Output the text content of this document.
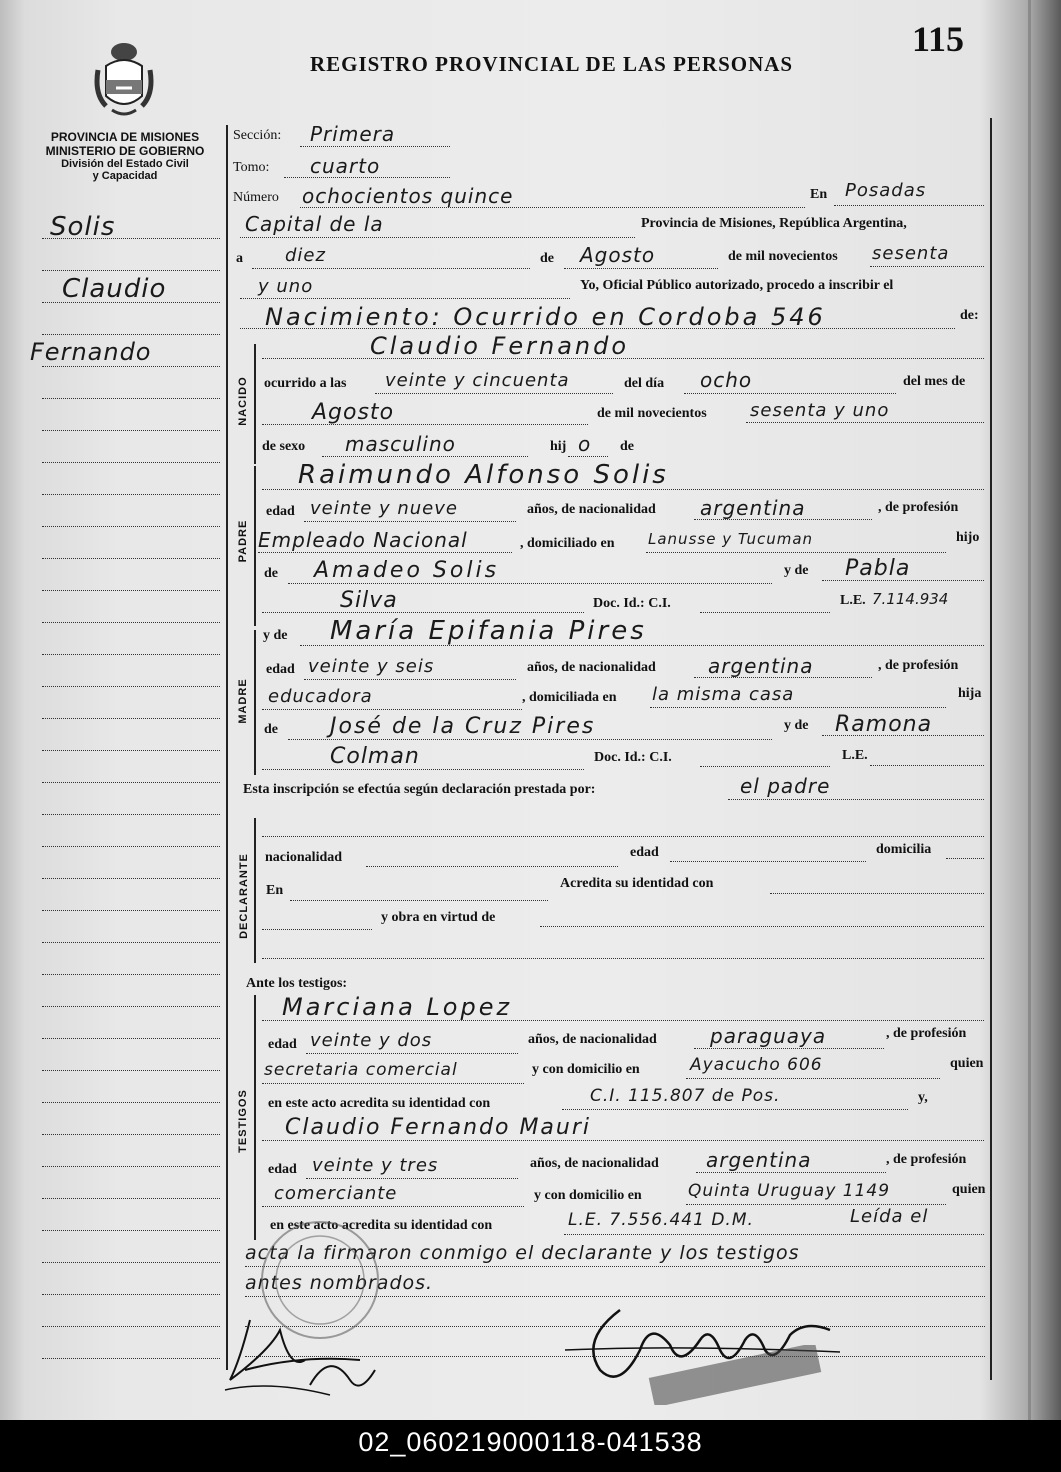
REGISTRO PROVINCIAL DE LAS PERSONAS
115
PROVINCIA DE MISIONES
MINISTERIO DE GOBIERNO
División del Estado Civil
y Capacidad
Solis
Claudio
Fernando
Sección: Primera
Tomo: cuarto
Número ochocientos quince	En Posadas
Capital de la	Provincia de Misiones, República Argentina,
a diez	de Agosto	de mil novecientos sesenta
y uno	Yo, Oficial Público autorizado, procedo a inscribir el
Nacimiento: Ocurrido en Cordoba 546	de:
NACIDO
Claudio Fernando
ocurrido a las veinte y cincuenta	del día ocho	del mes de
Agosto	de mil novecientos sesenta y uno
de sexo masculino	hij o de
PADRE
Raimundo Alfonso Solis
edad veinte y nueve	años, de nacionalidad argentina	, de profesión
Empleado Nacional	, domiciliado en Lanusse y Tucuman	hijo
de Amadeo Solis	y de Pabla
Silva	Doc. Id.: C.I.	L.E. 7.114.934
MADRE
y de María Epifania Pires
edad veinte y seis	años, de nacionalidad	argentina	, de profesión
educadora	, domiciliada en la misma casa	hija
de José de la Cruz Pires	y de Ramona
Colman	Doc. Id.: C.I.	L.E.
Esta inscripción se efectúa según declaración prestada por:	el padre
DECLARANTE nacionalidad	edad	domicilia
En	Acredita su identidad con
y obra en virtud de
Ante los testigos:
TESTIGOS
Marciana Lopez
edad veinte y dos	años, de nacionalidad	paraguaya	, de profesión
secretaria comercial	y con domicilio en	Ayacucho 606	quien
en este acto acredita su identidad con	C.I. 115.807 de Pos.	y,
Claudio Fernando Mauri
edad veinte y tres	años, de nacionalidad argentina	, de profesión
comerciante	y con domicilio en	Quinta Uruguay 1149	quien
en este acto acredita su identidad con	L.E. 7.556.441 D.M.	Leída el
acta la firmaron conmigo el declarante y los testigos
antes nombrados.
02_060219000118-041538
